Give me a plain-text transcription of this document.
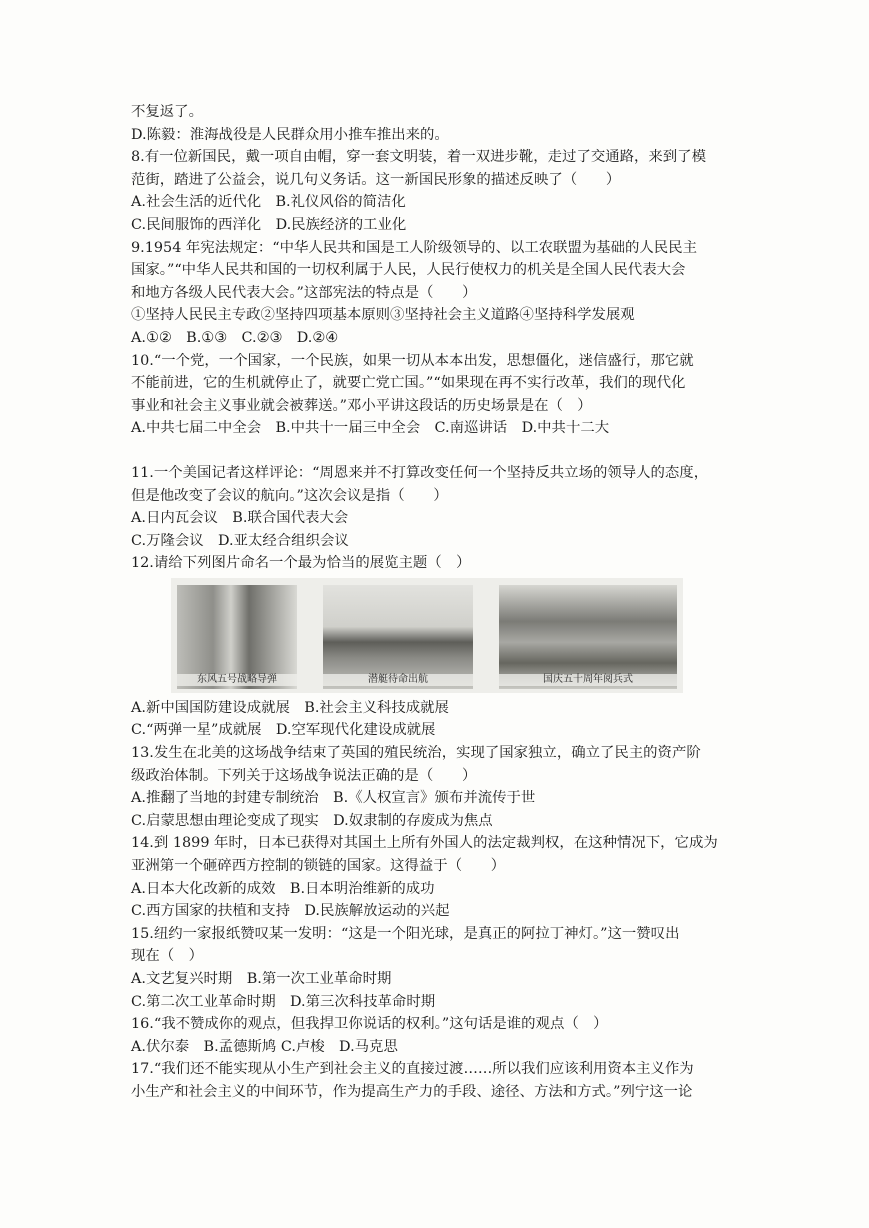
不复返了。
D.陈毅：淮海战役是人民群众用小推车推出来的。
8.有一位新国民，戴一项自由帽，穿一套文明装，着一双进步靴，走过了交通路，来到了模
范街，踏进了公益会，说几句义务话。这一新国民形象的描述反映了（　　）
A.社会生活的近代化　B.礼仪风俗的简洁化
C.民间服饰的西洋化　D.民族经济的工业化
9.1954 年宪法规定：“中华人民共和国是工人阶级领导的、以工农联盟为基础的人民民主
国家。”“中华人民共和国的一切权利属于人民，人民行使权力的机关是全国人民代表大会
和地方各级人民代表大会。”这部宪法的特点是（　　）
①坚持人民民主专政②坚持四项基本原则③坚持社会主义道路④坚持科学发展观
A.①②　B.①③　C.②③　D.②④
10.“一个党，一个国家，一个民族，如果一切从本本出发，思想僵化，迷信盛行，那它就
不能前进，它的生机就停止了，就要亡党亡国。”“如果现在再不实行改革，我们的现代化
事业和社会主义事业就会被葬送。”邓小平讲这段话的历史场景是在（　）
A.中共七届二中全会　B.中共十一届三中全会　C.南巡讲话　D.中共十二大
11.一个美国记者这样评论：“周恩来并不打算改变任何一个坚持反共立场的领导人的态度，
但是他改变了会议的航向。”这次会议是指（　　）
A.日内瓦会议　B.联合国代表大会
C.万隆会议　D.亚太经合组织会议
12.请给下列图片命名一个最为恰当的展览主题（　）
东风五号战略导弹	潜艇待命出航	国庆五十周年阅兵式
A.新中国国防建设成就展　B.社会主义科技成就展
C.“两弹一星”成就展　D.空军现代化建设成就展
13.发生在北美的这场战争结束了英国的殖民统治，实现了国家独立，确立了民主的资产阶
级政治体制。下列关于这场战争说法正确的是（　　）
A.推翻了当地的封建专制统治　B.《人权宣言》颁布并流传于世
C.启蒙思想由理论变成了现实　D.奴隶制的存废成为焦点
14.到 1899 年时，日本已获得对其国土上所有外国人的法定裁判权，在这种情况下，它成为
亚洲第一个砸碎西方控制的锁链的国家。这得益于（　　）
A.日本大化改新的成效　B.日本明治维新的成功
C.西方国家的扶植和支持　D.民族解放运动的兴起
15.纽约一家报纸赞叹某一发明：“这是一个阳光球，是真正的阿拉丁神灯。”这一赞叹出
现在（　）
A.文艺复兴时期　B.第一次工业革命时期
C.第二次工业革命时期　D.第三次科技革命时期
16.“我不赞成你的观点，但我捍卫你说话的权利。”这句话是谁的观点（　）
A.伏尔泰　B.孟德斯鸠 C.卢梭　D.马克思
17.“我们还不能实现从小生产到社会主义的直接过渡……所以我们应该利用资本主义作为
小生产和社会主义的中间环节，作为提高生产力的手段、途径、方法和方式。”列宁这一论
